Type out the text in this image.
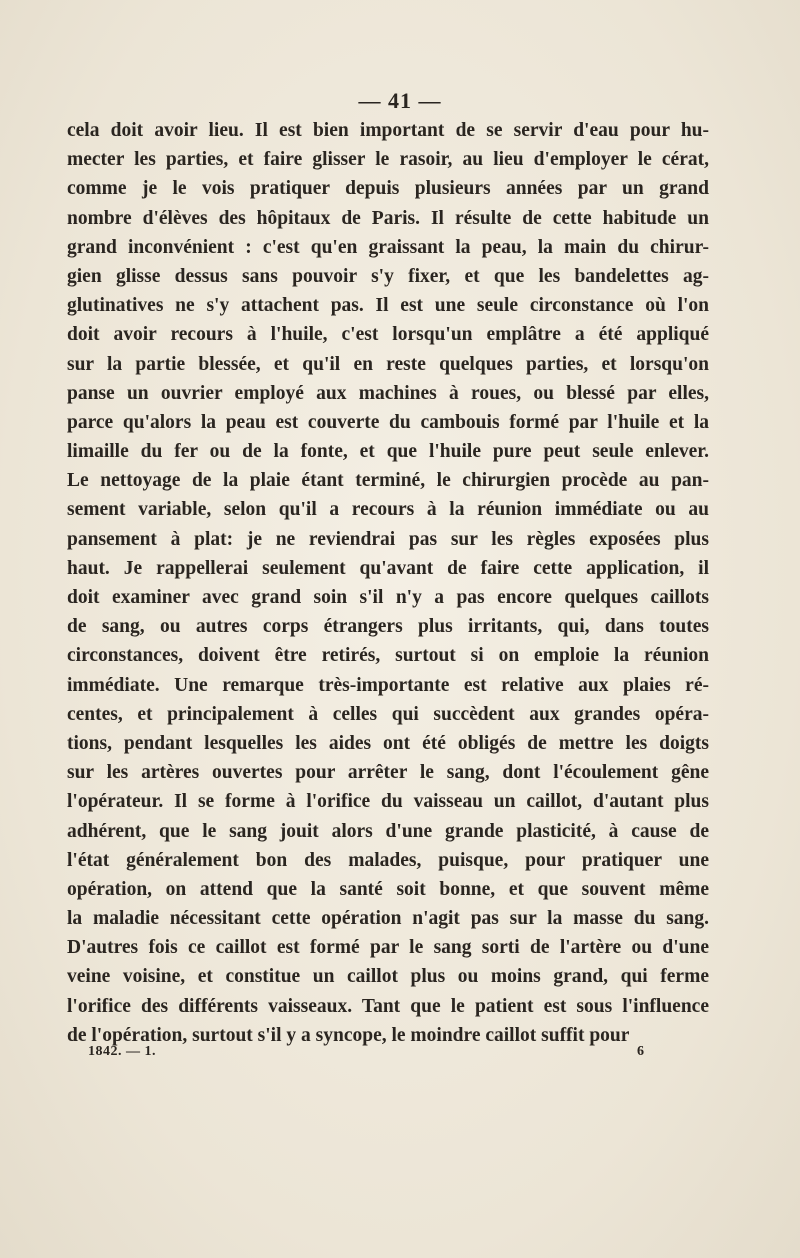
— 41 —
cela doit avoir lieu. Il est bien important de se servir d'eau pour hu-
mecter les parties, et faire glisser le rasoir, au lieu d'employer le cérat,
comme je le vois pratiquer depuis plusieurs années par un grand
nombre d'élèves des hôpitaux de Paris. Il résulte de cette habitude un
grand inconvénient : c'est qu'en graissant la peau, la main du chirur-
gien glisse dessus sans pouvoir s'y fixer, et que les bandelettes ag-
glutinatives ne s'y attachent pas. Il est une seule circonstance où l'on
doit avoir recours à l'huile, c'est lorsqu'un emplâtre a été appliqué
sur la partie blessée, et qu'il en reste quelques parties, et lorsqu'on
panse un ouvrier employé aux machines à roues, ou blessé par elles,
parce qu'alors la peau est couverte du cambouis formé par l'huile et la
limaille du fer ou de la fonte, et que l'huile pure peut seule enlever.
Le nettoyage de la plaie étant terminé, le chirurgien procède au pan-
sement variable, selon qu'il a recours à la réunion immédiate ou au
pansement à plat: je ne reviendrai pas sur les règles exposées plus
haut. Je rappellerai seulement qu'avant de faire cette application, il
doit examiner avec grand soin s'il n'y a pas encore quelques caillots
de sang, ou autres corps étrangers plus irritants, qui, dans toutes
circonstances, doivent être retirés, surtout si on emploie la réunion
immédiate. Une remarque très-importante est relative aux plaies ré-
centes, et principalement à celles qui succèdent aux grandes opéra-
tions, pendant lesquelles les aides ont été obligés de mettre les doigts
sur les artères ouvertes pour arrêter le sang, dont l'écoulement gêne
l'opérateur. Il se forme à l'orifice du vaisseau un caillot, d'autant plus
adhérent, que le sang jouit alors d'une grande plasticité, à cause de
l'état généralement bon des malades, puisque, pour pratiquer une
opération, on attend que la santé soit bonne, et que souvent même
la maladie nécessitant cette opération n'agit pas sur la masse du sang.
D'autres fois ce caillot est formé par le sang sorti de l'artère ou d'une
veine voisine, et constitue un caillot plus ou moins grand, qui ferme
l'orifice des différents vaisseaux. Tant que le patient est sous l'influence
de l'opération, surtout s'il y a syncope, le moindre caillot suffit pour
1842. — 1.	6
